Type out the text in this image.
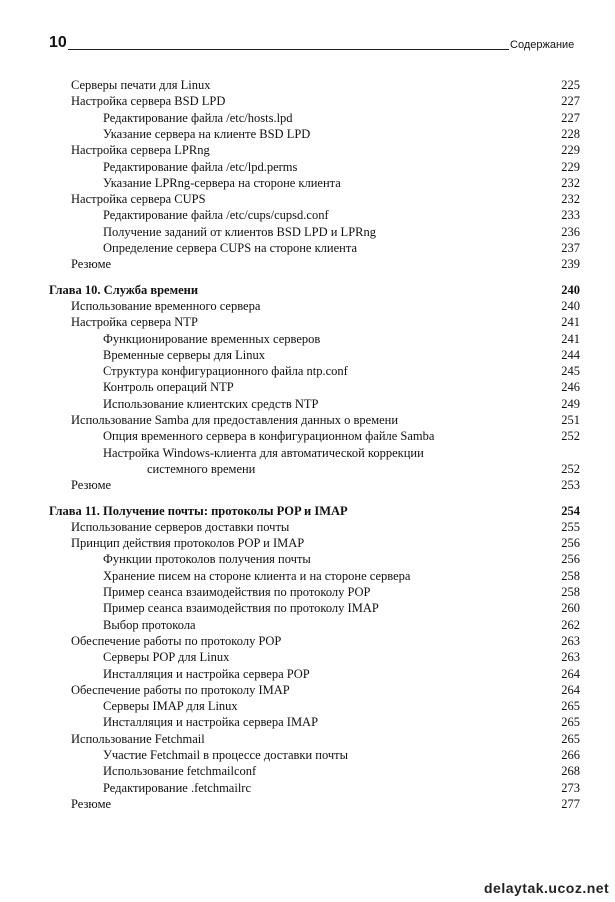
10	Содержание
Серверы печати для Linux	225
Настройка сервера BSD LPD	227
Редактирование файла /etc/hosts.lpd	227
Указание сервера на клиенте BSD LPD	228
Настройка сервера LPRng	229
Редактирование файла /etc/lpd.perms	229
Указание LPRng-сервера на стороне клиента	232
Настройка сервера CUPS	232
Редактирование файла /etc/cups/cupsd.conf	233
Получение заданий от клиентов BSD LPD и LPRng	236
Определение сервера CUPS на стороне клиента	237
Резюме	239
Глава 10. Служба времени	240
Использование временного сервера	240
Настройка сервера NTP	241
Функционирование временных серверов	241
Временные серверы для Linux	244
Структура конфигурационного файла ntp.conf	245
Контроль операций NTP	246
Использование клиентских средств NTP	249
Использование Samba для предоставления данных о времени	251
Опция временного сервера в конфигурационном файле Samba	252
Настройка Windows-клиента для автоматической коррекции
системного времени	252
Резюме	253
Глава 11. Получение почты: протоколы POP и IMAP	254
Использование серверов доставки почты	255
Принцип действия протоколов POP и IMAP	256
Функции протоколов получения почты	256
Хранение писем на стороне клиента и на стороне сервера	258
Пример сеанса взаимодействия по протоколу POP	258
Пример сеанса взаимодействия по протоколу IMAP	260
Выбор протокола	262
Обеспечение работы по протоколу POP	263
Серверы POP для Linux	263
Инсталляция и настройка сервера POP	264
Обеспечение работы по протоколу IMAP	264
Серверы IMAP для Linux	265
Инсталляция и настройка сервера IMAP	265
Использование Fetchmail	265
Участие Fetchmail в процессе доставки почты	266
Использование fetchmailconf	268
Редактирование .fetchmailrc	273
Резюме	277
delaytak.ucoz.net
